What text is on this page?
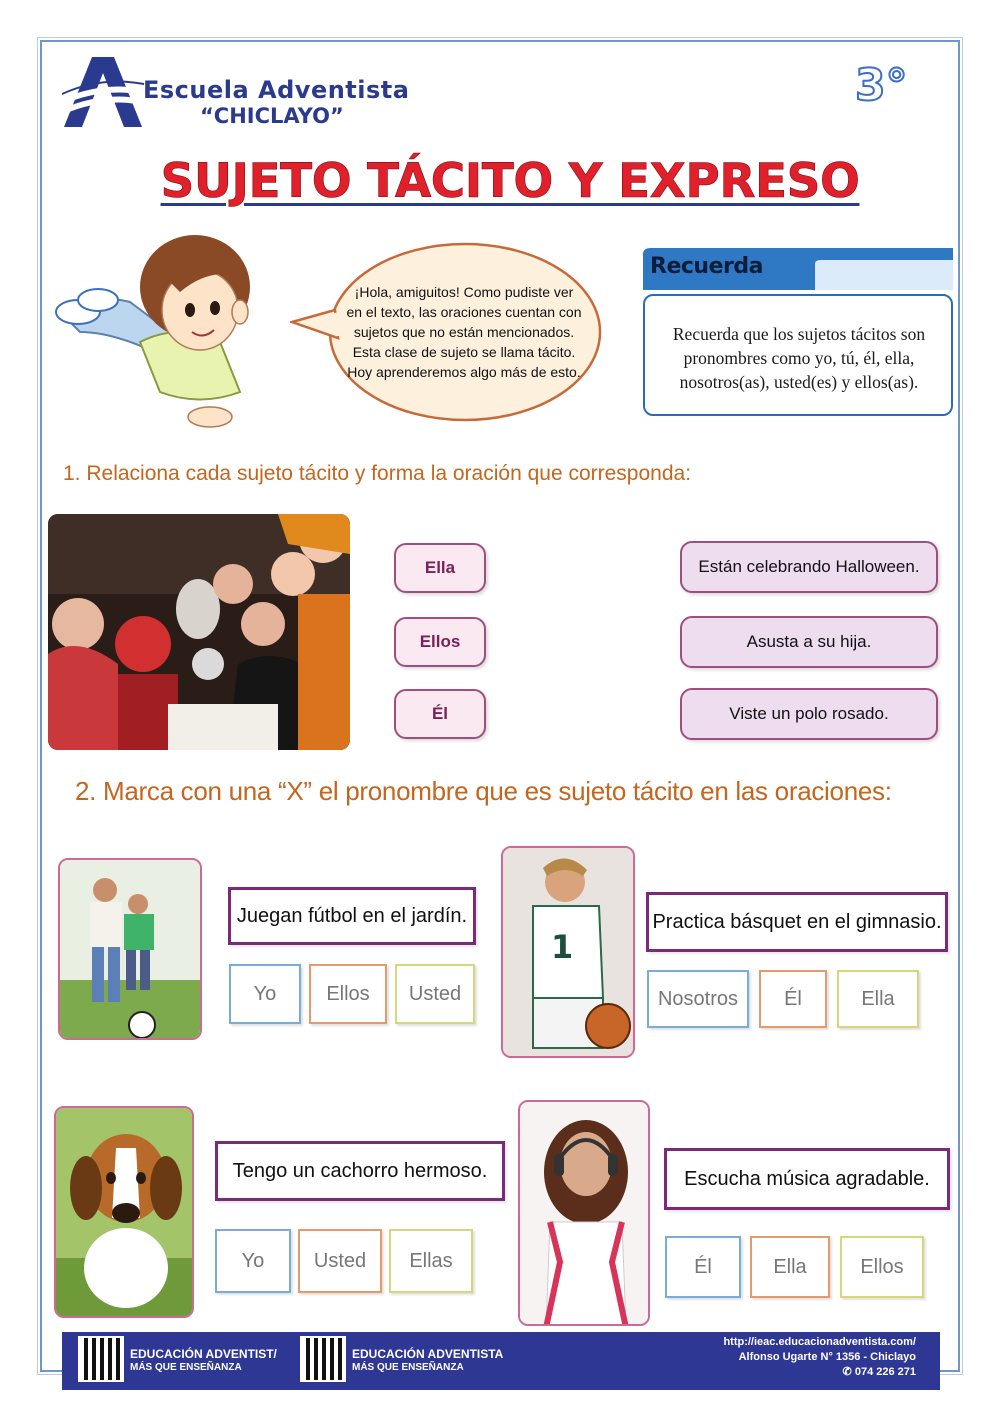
Escuela Adventista
“CHICLAYO”
3°
SUJETO TÁCITO Y EXPRESO
¡Hola, amiguitos! Como pudiste ver en el texto, las oraciones cuentan con sujetos que no están mencionados. Esta clase de sujeto se llama tácito. Hoy aprenderemos algo más de esto.
Recuerda
Recuerda que los sujetos tácitos son pronombres como yo, tú, él, ella, nosotros(as), usted(es) y ellos(as).
1. Relaciona cada sujeto tácito y forma la oración que corresponda:
Ella
Ellos
Él
Están celebrando Halloween.
Asusta a su hija.
Viste un polo rosado.
2. Marca con una “X” el pronombre que es sujeto tácito en las oraciones:
Juegan fútbol en el jardín.
Yo	Ellos Usted
1
Practica básquet en el gimnasio.
Nosotros Él	Ella
Tengo un cachorro hermoso.
Yo Usted Ellas
Escucha música agradable.
Él	Ella	Ellos
EDUCACIÓN ADVENTIST/
MÁS QUE ENSEÑANZA
EDUCACIÓN ADVENTISTA
MÁS QUE ENSEÑANZA
http://ieac.educacionadventista.com/
Alfonso Ugarte N° 1356 - Chiclayo
✆ 074 226 271
